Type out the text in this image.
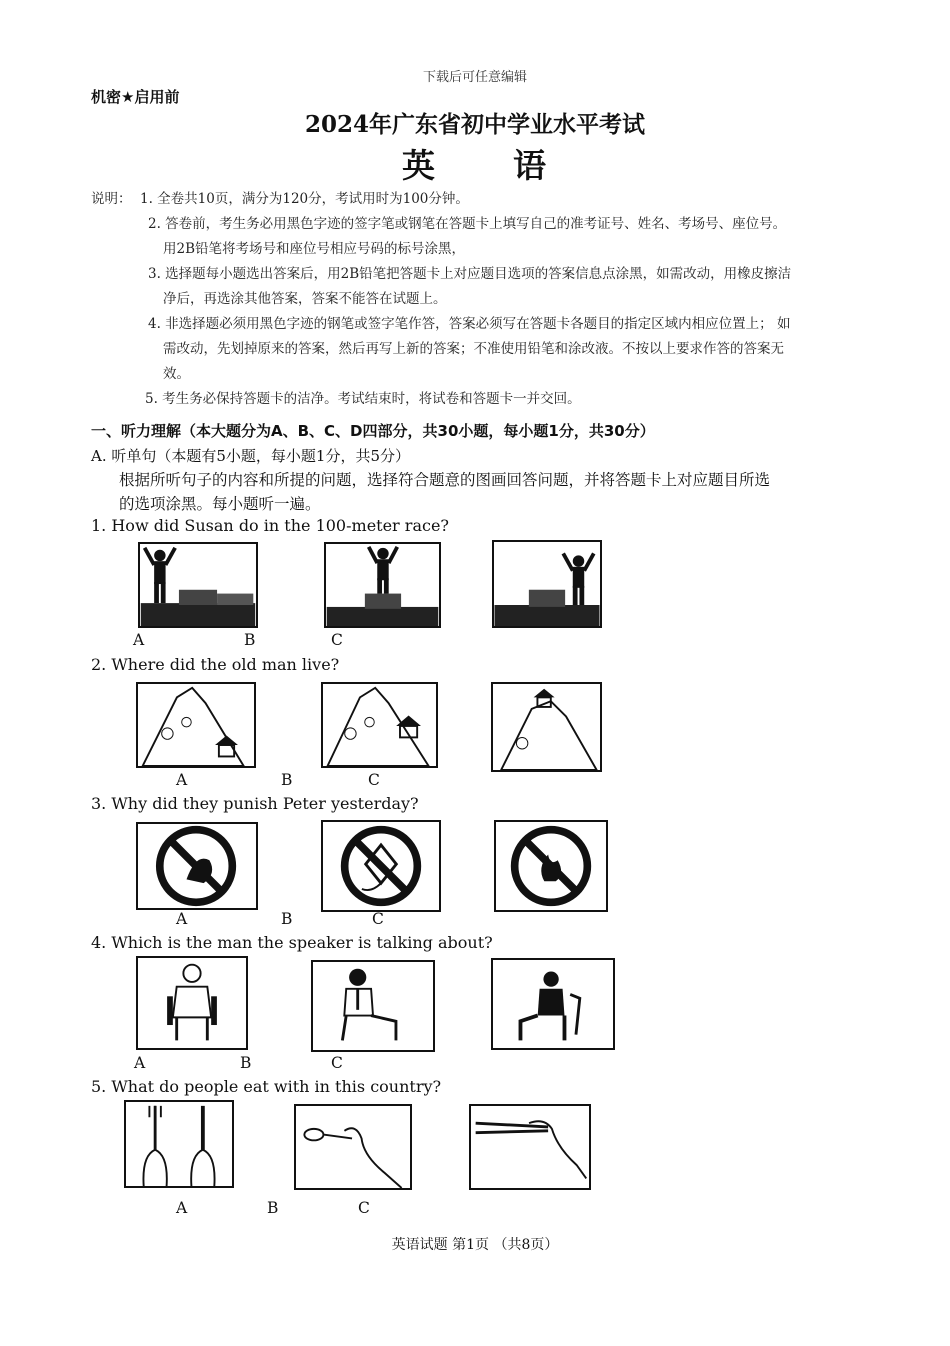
下载后可任意编辑
机密★启用前
2024年广东省初中学业水平考试
英 语
说明： 1. 全卷共10页，满分为120分，考试用时为100分钟。
2. 答卷前，考生务必用黑色字迹的签字笔或钢笔在答题卡上填写自己的准考证号、姓名、考场号、座位号。
用2B铅笔将考场号和座位号相应号码的标号涂黑，
3. 选择题每小题选出答案后，用2B铅笔把答题卡上对应题目选项的答案信息点涂黑，如需改动，用橡皮擦洁
净后，再选涂其他答案，答案不能答在试题上。
4. 非选择题必须用黑色字迹的钢笔或签字笔作答，答案必须写在答题卡各题目的指定区域内相应位置上； 如
需改动，先划掉原来的答案，然后再写上新的答案；不准使用铅笔和涂改液。不按以上要求作答的答案无
效。
5. 考生务必保持答题卡的洁净。考试结束时，将试卷和答题卡一并交回。
一、听力理解（本大题分为A、B、C、D四部分，共30小题，每小题1分，共30分）
A. 听单句（本题有5小题，每小题1分，共5分）
根据所听句子的内容和所提的问题，选择符合题意的图画回答问题，并将答题卡上对应题目所选
的选项涂黑。每小题听一遍。
1. How did Susan do in the 100-meter race?
A	B	C
2. Where did the old man live?
A	B	C
3. Why did they punish Peter yesterday?
A	B	C
4. Which is the man the speaker is talking about?
A	B	C
5. What do people eat with in this country?
A	B	C
英语试题 第1页 （共8页）
